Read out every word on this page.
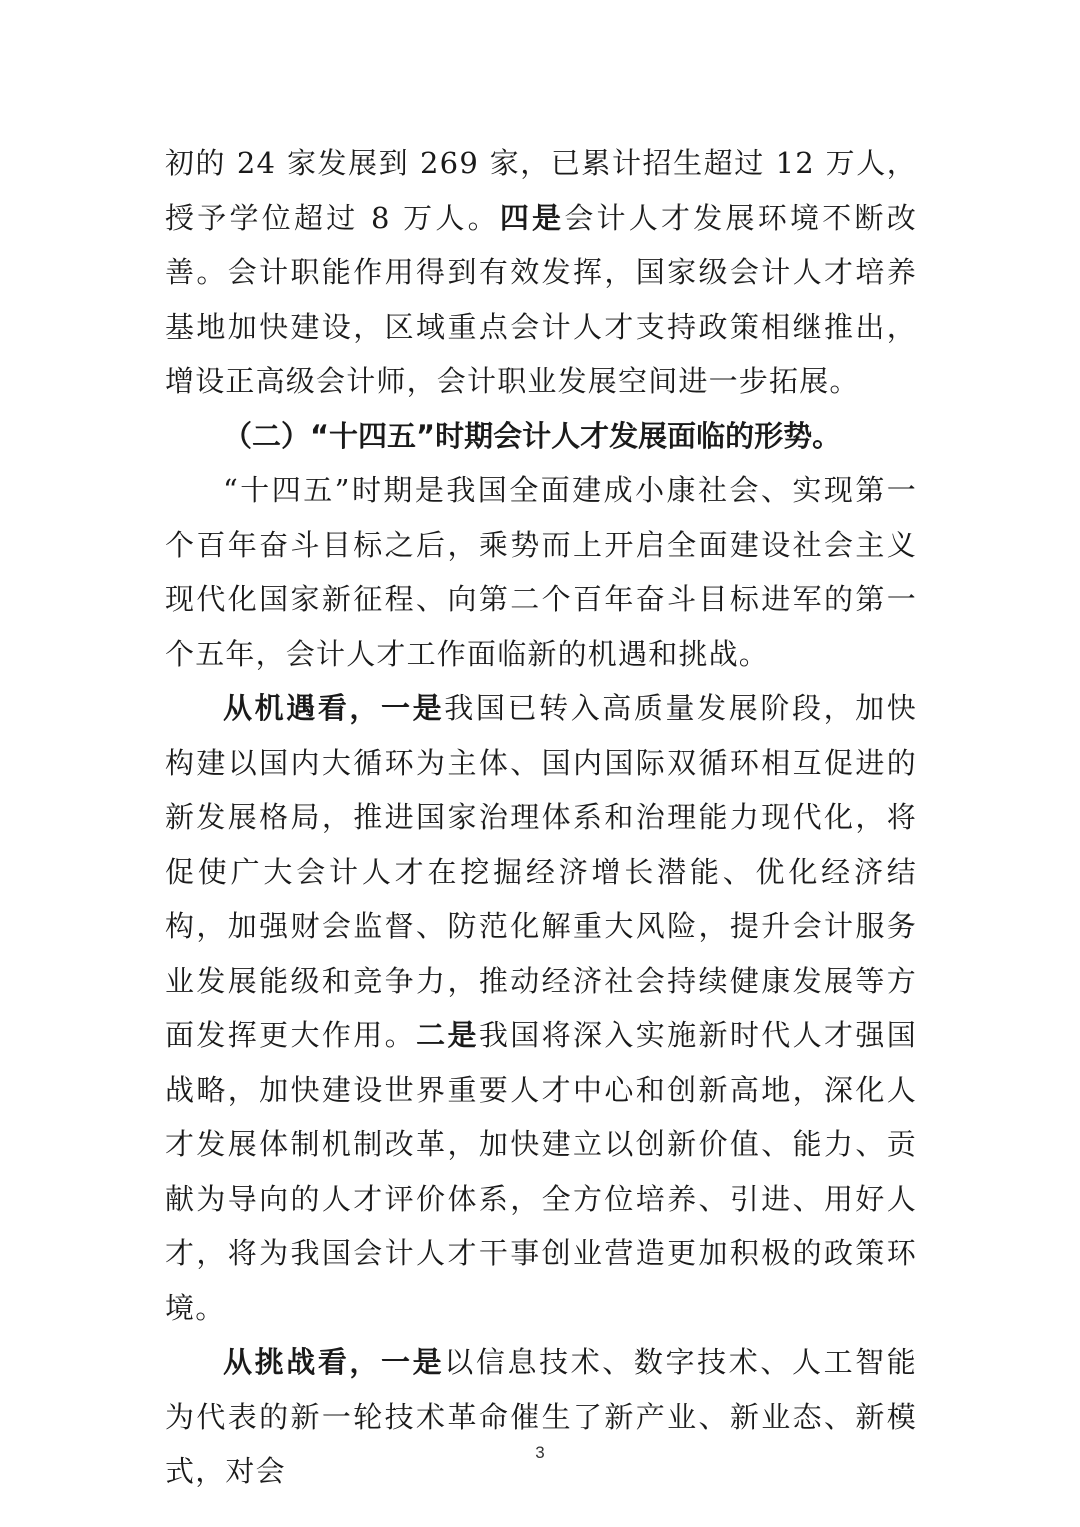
初的 24 家发展到 269 家，已累计招生超过 12 万人，授予学位超过 8 万人。四是会计人才发展环境不断改善。会计职能作用得到有效发挥，国家级会计人才培养基地加快建设，区域重点会计人才支持政策相继推出，增设正高级会计师，会计职业发展空间进一步拓展。

（二）“十四五”时期会计人才发展面临的形势。

“十四五”时期是我国全面建成小康社会、实现第一个百年奋斗目标之后，乘势而上开启全面建设社会主义现代化国家新征程、向第二个百年奋斗目标进军的第一个五年，会计人才工作面临新的机遇和挑战。

从机遇看，一是我国已转入高质量发展阶段，加快构建以国内大循环为主体、国内国际双循环相互促进的新发展格局，推进国家治理体系和治理能力现代化，将促使广大会计人才在挖掘经济增长潜能、优化经济结构，加强财会监督、防范化解重大风险，提升会计服务业发展能级和竞争力，推动经济社会持续健康发展等方面发挥更大作用。二是我国将深入实施新时代人才强国战略，加快建设世界重要人才中心和创新高地，深化人才发展体制机制改革，加快建立以创新价值、能力、贡献为导向的人才评价体系，全方位培养、引进、用好人才，将为我国会计人才干事创业营造更加积极的政策环境。

从挑战看，一是以信息技术、数字技术、人工智能为代表的新一轮技术革命催生了新产业、新业态、新模式，对会

3
